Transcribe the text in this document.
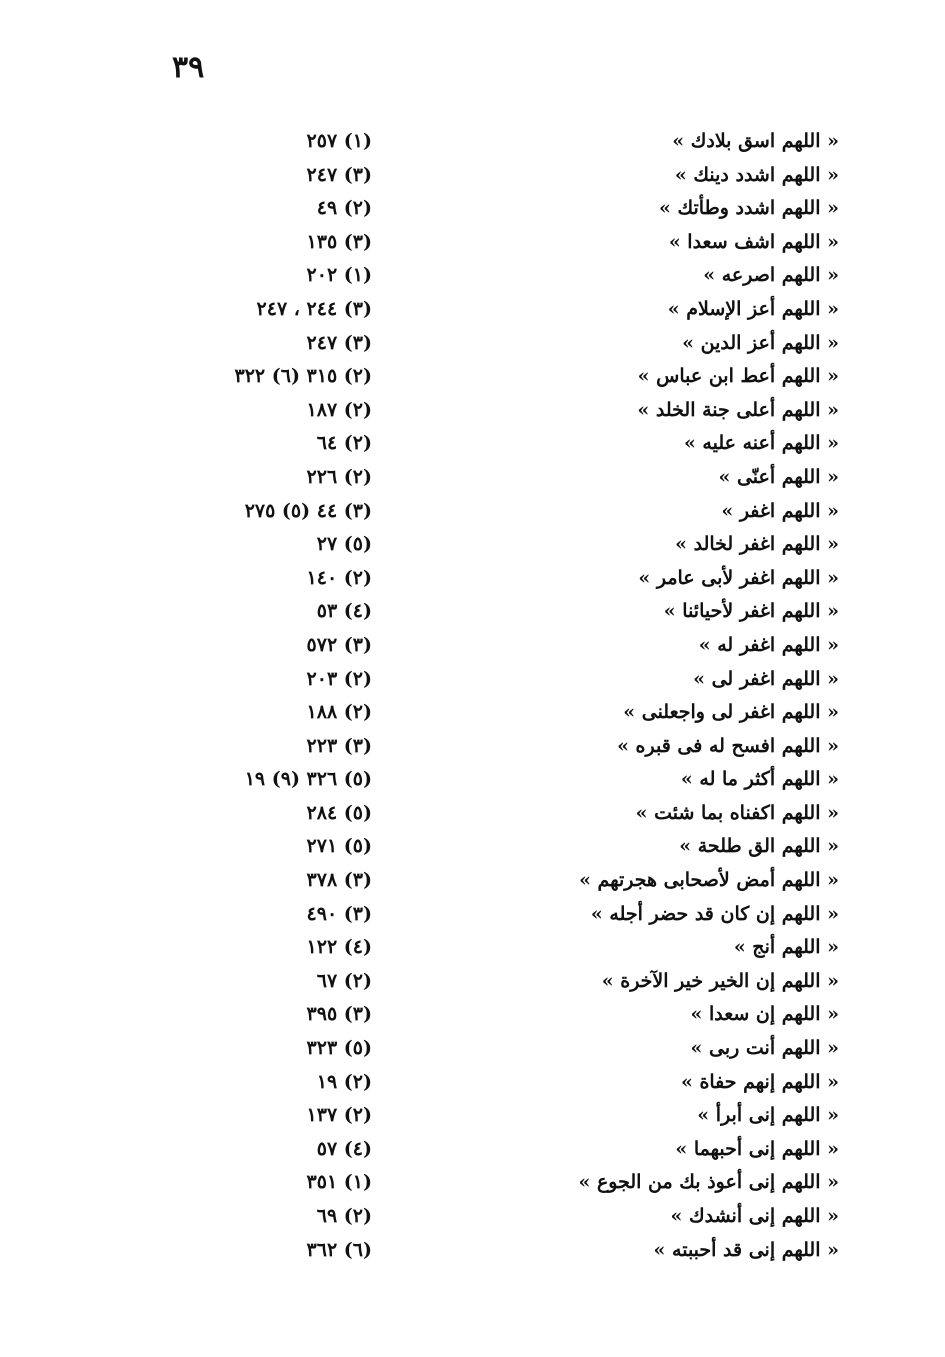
٣٩
« اللهم اسق بلادك »
(١) ٢٥٧
« اللهم اشدد دينك »
(٣) ٢٤٧
« اللهم اشدد وطأتك »
(٢) ٤٩
« اللهم اشف سعدا »
(٣) ١٣٥
« اللهم اصرعه »
(١) ٢٠٢
« اللهم أعز الإسلام »
(٣) ٢٤٤ ، ٢٤٧
« اللهم أعز الدين »
(٣) ٢٤٧
« اللهم أعط ابن عباس »
(٢) ٣١٥ (٦) ٣٢٢
« اللهم أعلى جنة الخلد »
(٢) ١٨٧
« اللهم أعنه عليه »
(٢) ٦٤
« اللهم أعنّى »
(٢) ٢٢٦
« اللهم اغفر »
(٣) ٤٤ (٥) ٢٧٥
« اللهم اغفر لخالد »
(٥) ٢٧
« اللهم اغفر لأبى عامر »
(٢) ١٤٠
« اللهم اغفر لأحيائنا »
(٤) ٥٣
« اللهم اغفر له »
(٣) ٥٧٢
« اللهم اغفر لى »
(٢) ٢٠٣
« اللهم اغفر لى واجعلنى »
(٢) ١٨٨
« اللهم افسح له فى قبره »
(٣) ٢٢٣
« اللهم أكثر ما له »
(٥) ٣٢٦ (٩) ١٩
« اللهم اكفناه بما شئت »
(٥) ٢٨٤
« اللهم الق طلحة »
(٥) ٢٧١
« اللهم أمض لأصحابى هجرتهم »
(٣) ٣٧٨
« اللهم إن كان قد حضر أجله »
(٣) ٤٩٠
« اللهم أنج »
(٤) ١٢٢
« اللهم إن الخير خير الآخرة »
(٢) ٦٧
« اللهم إن سعدا »
(٣) ٣٩٥
« اللهم أنت ربى »
(٥) ٣٢٣
« اللهم إنهم حفاة »
(٢) ١٩
« اللهم إنى أبرأ »
(٢) ١٣٧
« اللهم إنى أحبهما »
(٤) ٥٧
« اللهم إنى أعوذ بك من الجوع »
(١) ٣٥١
« اللهم إنى أنشدك »
(٢) ٦٩
« اللهم إنى قد أحببته »
(٦) ٣٦٢
